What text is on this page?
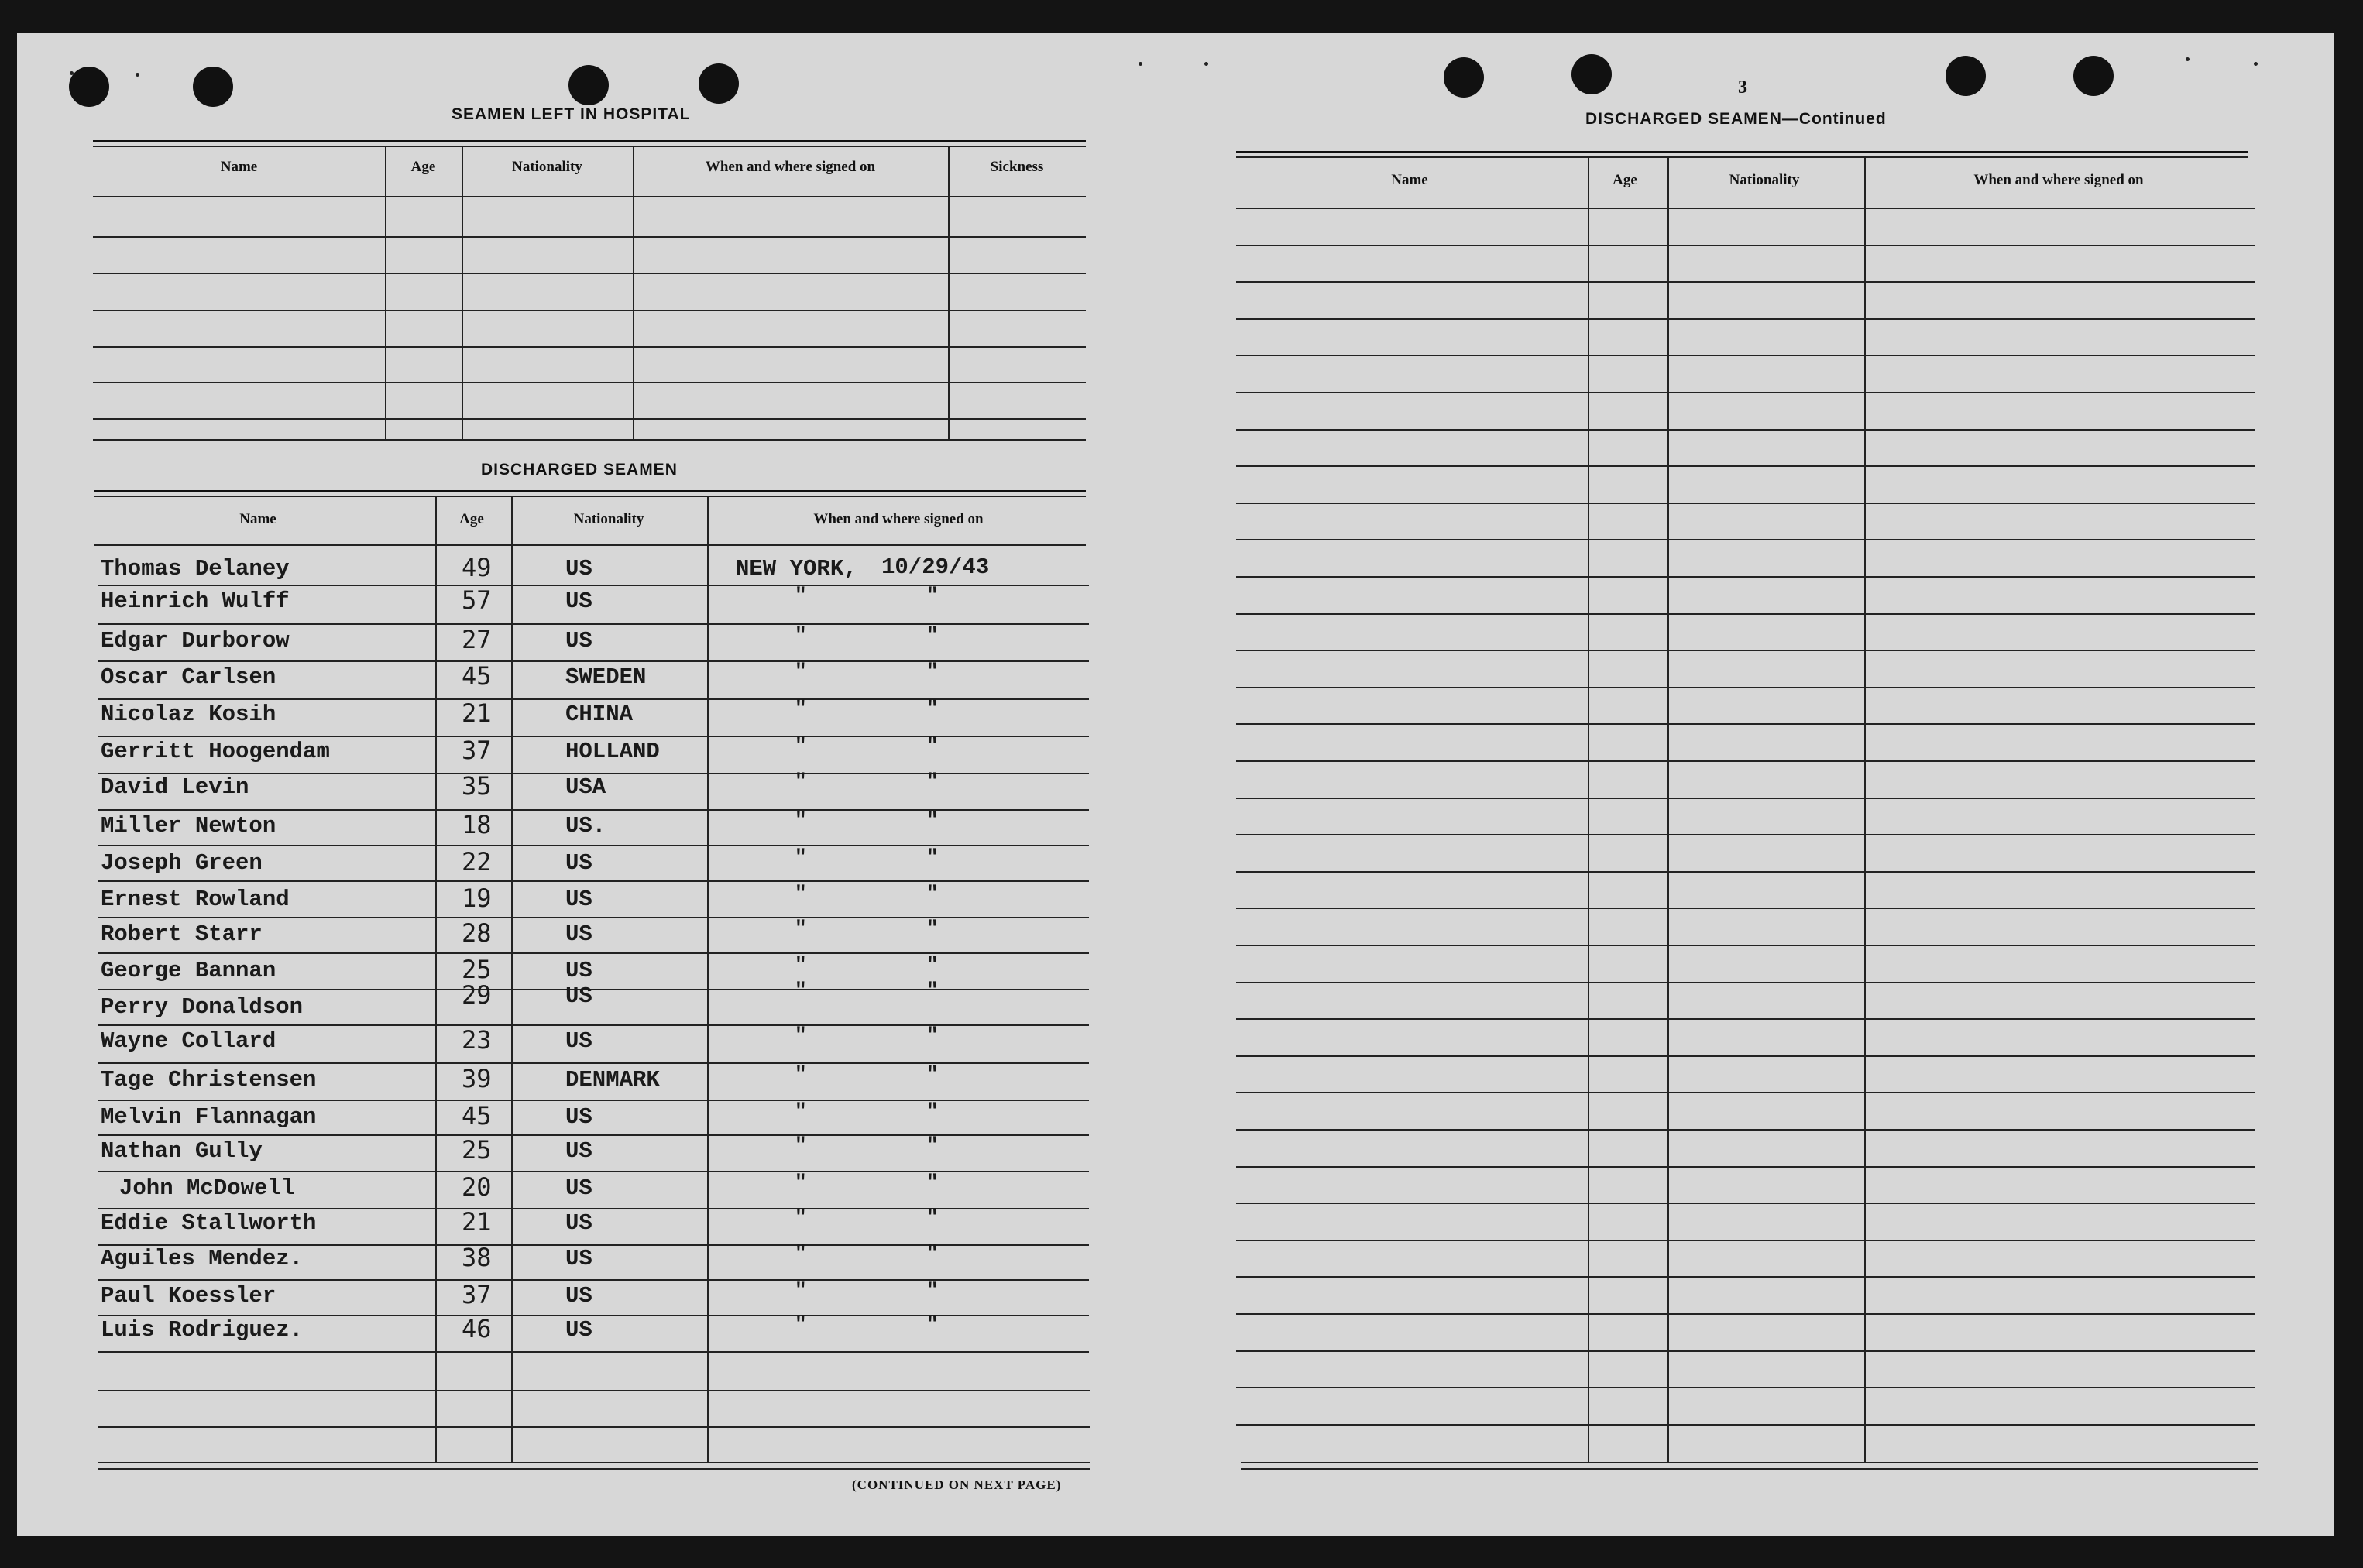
3
SEAMEN LEFT IN HOSPITAL
Name	Age	Nationality	When and where signed on	Sickness
DISCHARGED SEAMEN
Name	Age	Nationality	When and where signed on
Thomas Delaney	49	US	NEW YORK, 10/29/43
Heinrich Wulff	57	US	"	"
Edgar Durborow	27	US	"	"
Oscar Carlsen	45	SWEDEN	"	"
Nicolaz Kosih	21	CHINA	"	"
Gerritt Hoogendam	37	HOLLAND	"	"
David Levin	35	USA	"	"
Miller Newton	18	US.	"	"
Joseph Green	22	US	"	"
Ernest Rowland	19	US	"	"
Robert Starr	28	US	"	"
George Bannan	25	US	"	"
Perry Donaldson	29	US	"	"
Wayne Collard	23	US	"	"
Tage Christensen	39	DENMARK	"	"
Melvin Flannagan	45	US	"	"
Nathan Gully	25	US	"	"
John McDowell	20	US	"	"
Eddie Stallworth	21	US	"	"
Aguiles Mendez.	38	US	"	"
Paul Koessler	37	US	"	"
Luis Rodriguez.	46	US	"	"
(CONTINUED ON NEXT PAGE)
DISCHARGED SEAMEN—Continued
Name	Age	Nationality	When and where signed on
